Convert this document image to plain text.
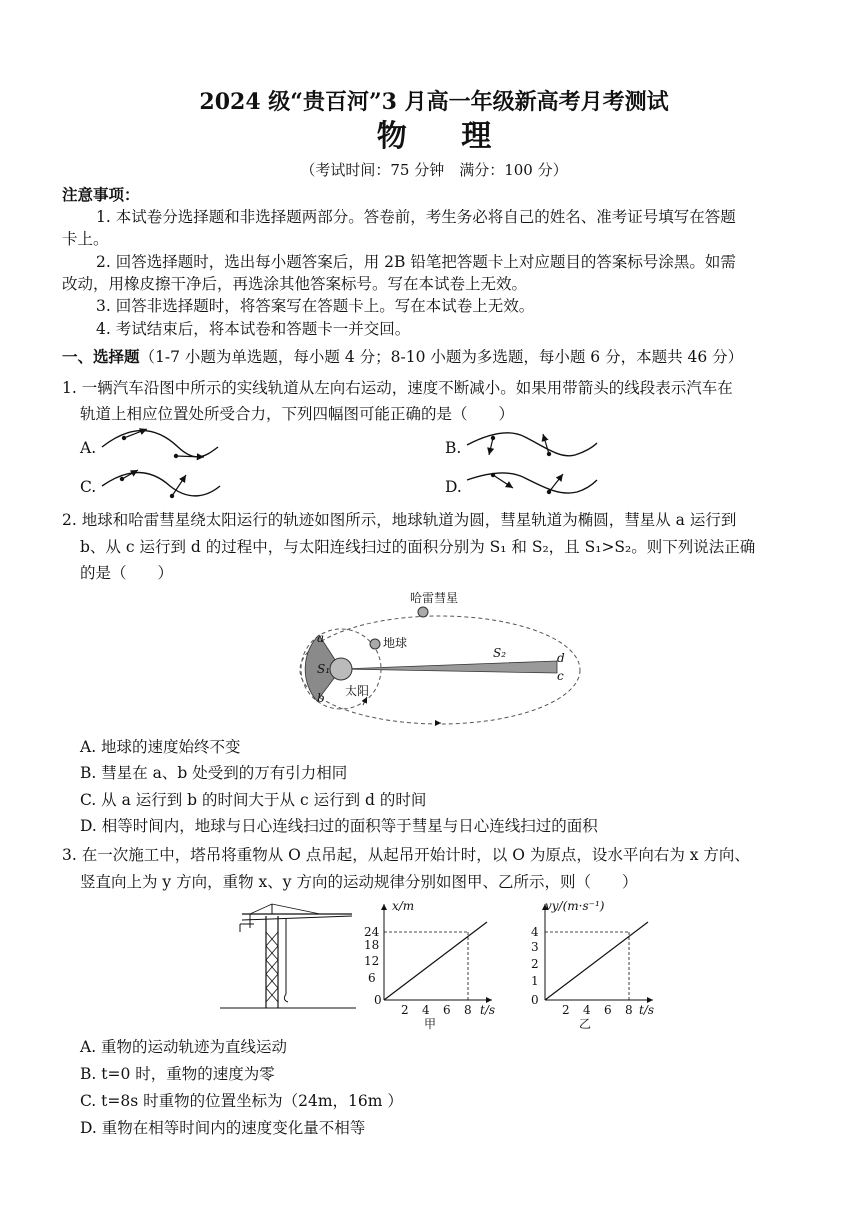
2024 级“贵百河”3 月高一年级新高考月考测试
物 理
（考试时间：75 分钟　满分：100 分）
注意事项：
1. 本试卷分选择题和非选择题两部分。答卷前，考生务必将自己的姓名、准考证号填写在答题
卡上。
2. 回答选择题时，选出每小题答案后，用 2B 铅笔把答题卡上对应题目的答案标号涂黑。如需
改动，用橡皮擦干净后，再选涂其他答案标号。写在本试卷上无效。
3. 回答非选择题时，将答案写在答题卡上。写在本试卷上无效。
4. 考试结束后，将本试卷和答题卡一并交回。
一、选择题（1-7 小题为单选题，每小题 4 分；8-10 小题为多选题，每小题 6 分，本题共 46 分）
1. 一辆汽车沿图中所示的实线轨道从左向右运动，速度不断减小。如果用带箭头的线段表示汽车在
轨道上相应位置处所受合力，下列四幅图可能正确的是（　　）
A.	B.
C.	D.
2. 地球和哈雷彗星绕太阳运行的轨迹如图所示，地球轨道为圆，彗星轨道为椭圆，彗星从 a 运行到
b、从 c 运行到 d 的过程中，与太阳连线扫过的面积分别为 S₁ 和 S₂，且 S₁>S₂。则下列说法正确
的是（　　）
哈雷彗星
地球
太阳
a
b
d
c
S₁
S₂
A. 地球的速度始终不变
B. 彗星在 a、b 处受到的万有引力相同
C. 从 a 运行到 b 的时间大于从 c 运行到 d 的时间
D. 相等时间内，地球与日心连线扫过的面积等于彗星与日心连线扫过的面积
3. 在一次施工中，塔吊将重物从 O 点吊起，从起吊开始计时，以 O 为原点，设水平向右为 x 方向、
竖直向上为 y 方向，重物 x、y 方向的运动规律分别如图甲、乙所示，则（　　）
x/m
6
12
18
24
0
2 4 6 8 t/s
甲
vy/(m·s⁻¹)
1
2
3
4
0
2 4 6 8 t/s
乙
A. 重物的运动轨迹为直线运动
B. t=0 时，重物的速度为零
C. t=8s 时重物的位置坐标为（24m，16m ）
D. 重物在相等时间内的速度变化量不相等
